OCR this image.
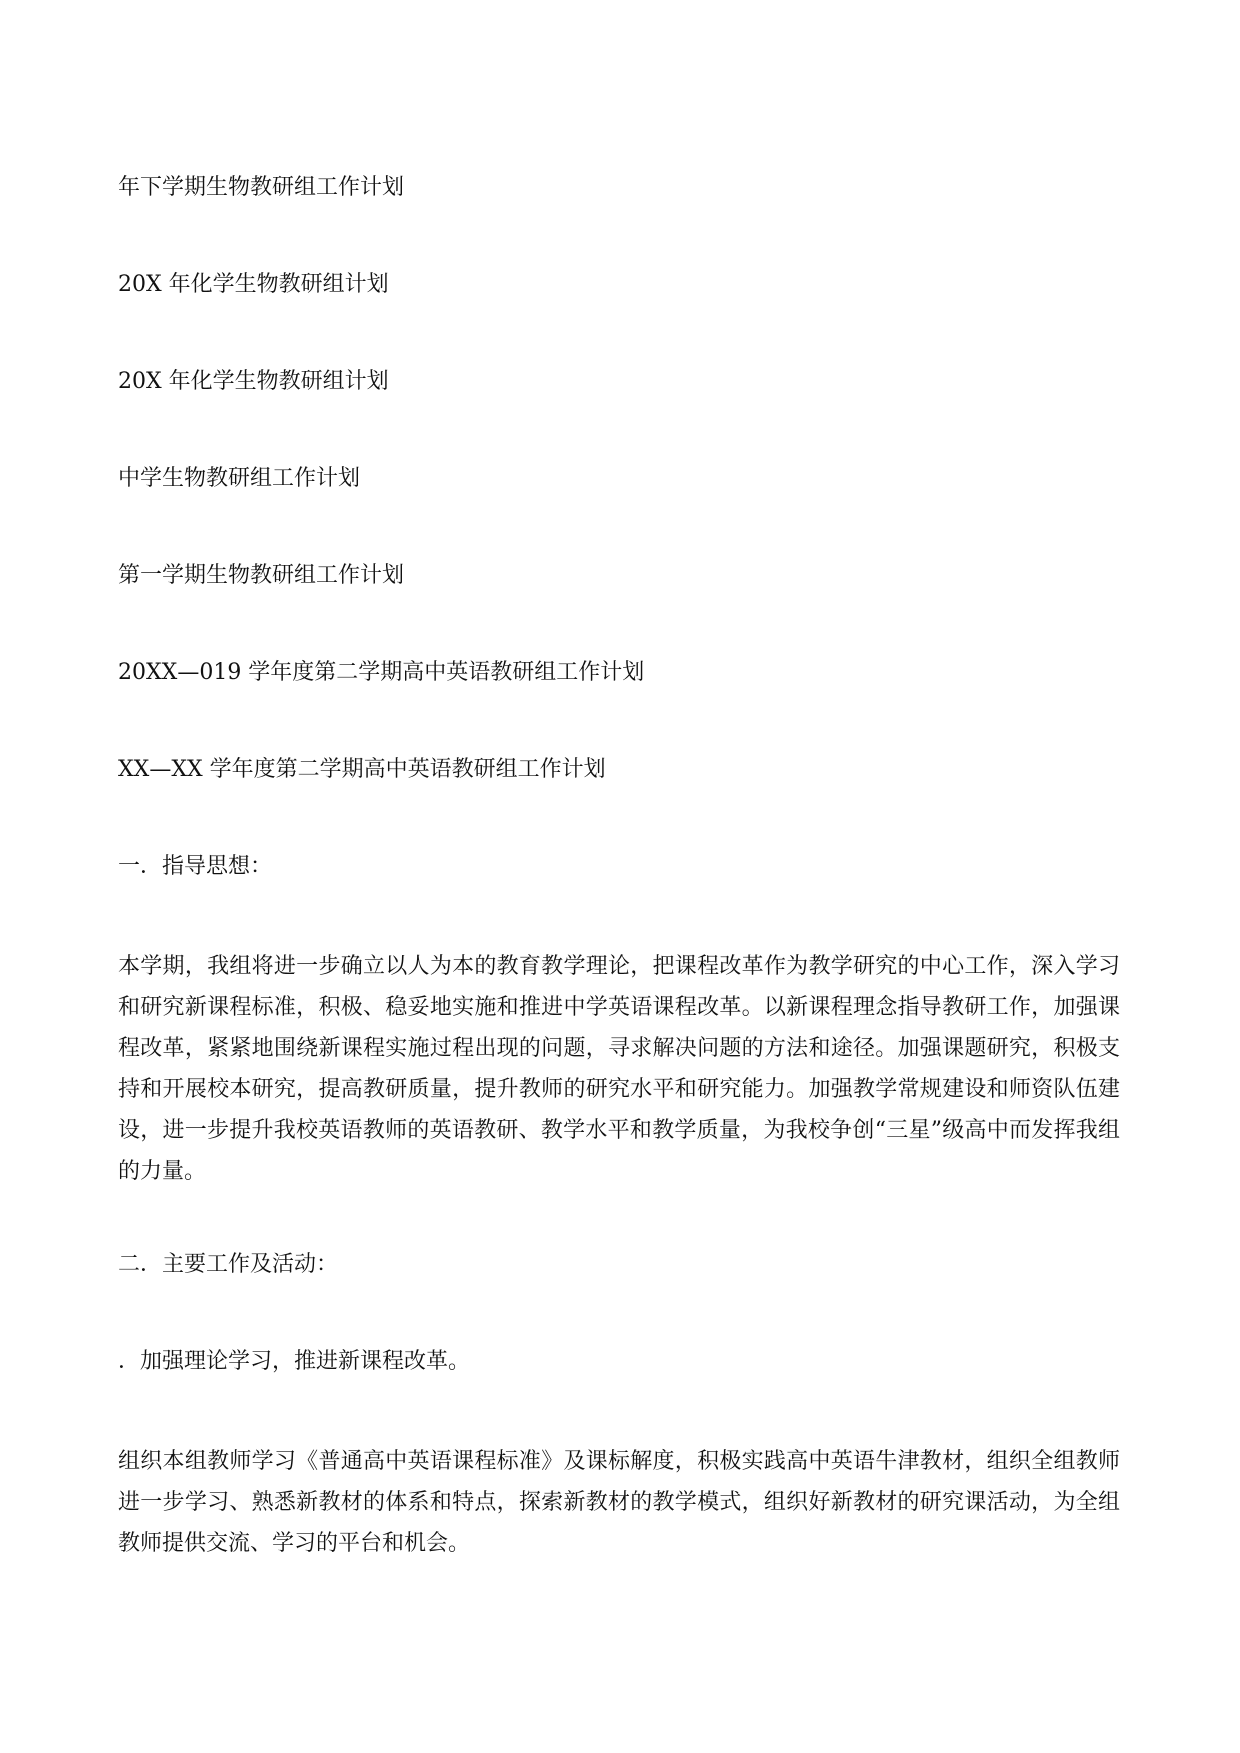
年下学期生物教研组工作计划
20X 年化学生物教研组计划
20X 年化学生物教研组计划
中学生物教研组工作计划
第一学期生物教研组工作计划
20XX—019 学年度第二学期高中英语教研组工作计划
XX—XX 学年度第二学期高中英语教研组工作计划
一．指导思想：

本学期，我组将进一步确立以人为本的教育教学理论，把课程改革作为教学研究的中心工作，深入学习和研究新课程标准，积极、稳妥地实施和推进中学英语课程改革。以新课程理念指导教研工作，加强课程改革，紧紧地围绕新课程实施过程出现的问题，寻求解决问题的方法和途径。加强课题研究，积极支持和开展校本研究，提高教研质量，提升教师的研究水平和研究能力。加强教学常规建设和师资队伍建设，进一步提升我校英语教师的英语教研、教学水平和教学质量，为我校争创“三星”级高中而发挥我组的力量。

二．主要工作及活动：
．加强理论学习，推进新课程改革。

组织本组教师学习《普通高中英语课程标准》及课标解度，积极实践高中英语牛津教材，组织全组教师进一步学习、熟悉新教材的体系和特点，探索新教材的教学模式，组织好新教材的研究课活动，为全组教师提供交流、学习的平台和机会。
